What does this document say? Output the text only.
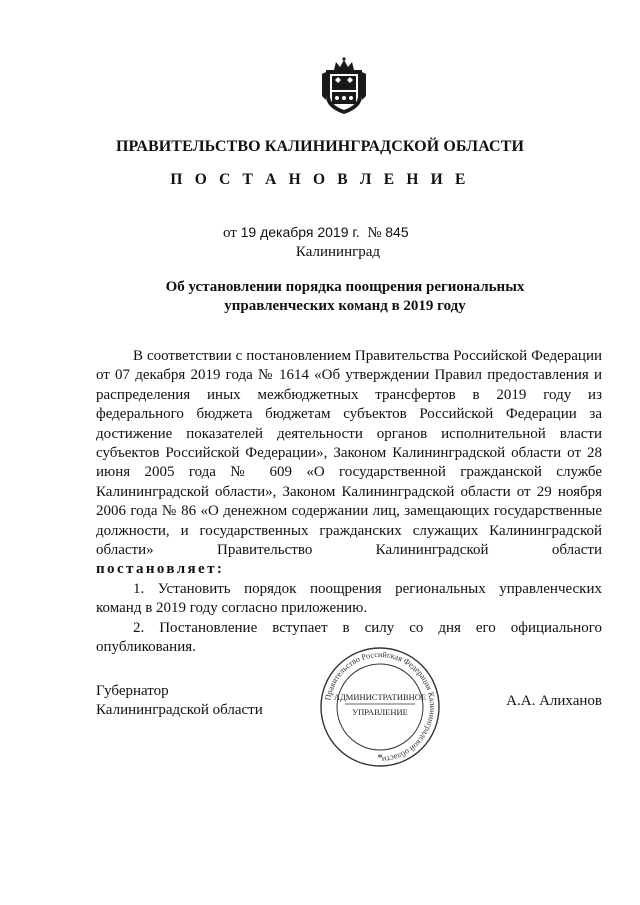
ПРАВИТЕЛЬСТВО КАЛИНИНГРАДСКОЙ ОБЛАСТИ
П О С Т А Н О В Л Е Н И Е
от 19 декабря 2019 г. № 845
Калининград
Об установлении порядка поощрения региональных
управленческих команд в 2019 году

В соответствии с постановлением Правительства Российской Федерации от 07 декабря 2019 года № 1614 «Об утверждении Правил предоставления и распределения иных межбюджетных трансфертов в 2019 году из федерального бюджета бюджетам субъектов Российской Федерации за достижение показателей деятельности органов исполнительной власти субъектов Российской Федерации», Законом Калининградской области от 28 июня 2005 года № 609 «О государственной гражданской службе Калининградской области», Законом Калининградской области от 29 ноября 2006 года № 86 «О денежном содержании лиц, замещающих государственные должности, и государственных гражданских служащих Калининградской области» Правительство Калининградской области

постановляет:

1. Установить порядок поощрения региональных управленческих команд в 2019 году согласно приложению.

2. Постановление вступает в силу со дня его официального опубликования.

Губернатор
Калининградской области
А.А. Алиханов
Правительство Российская Федерация Калининградской области
АДМИНИСТРАТИВНОЕ
УПРАВЛЕНИЕ
*
